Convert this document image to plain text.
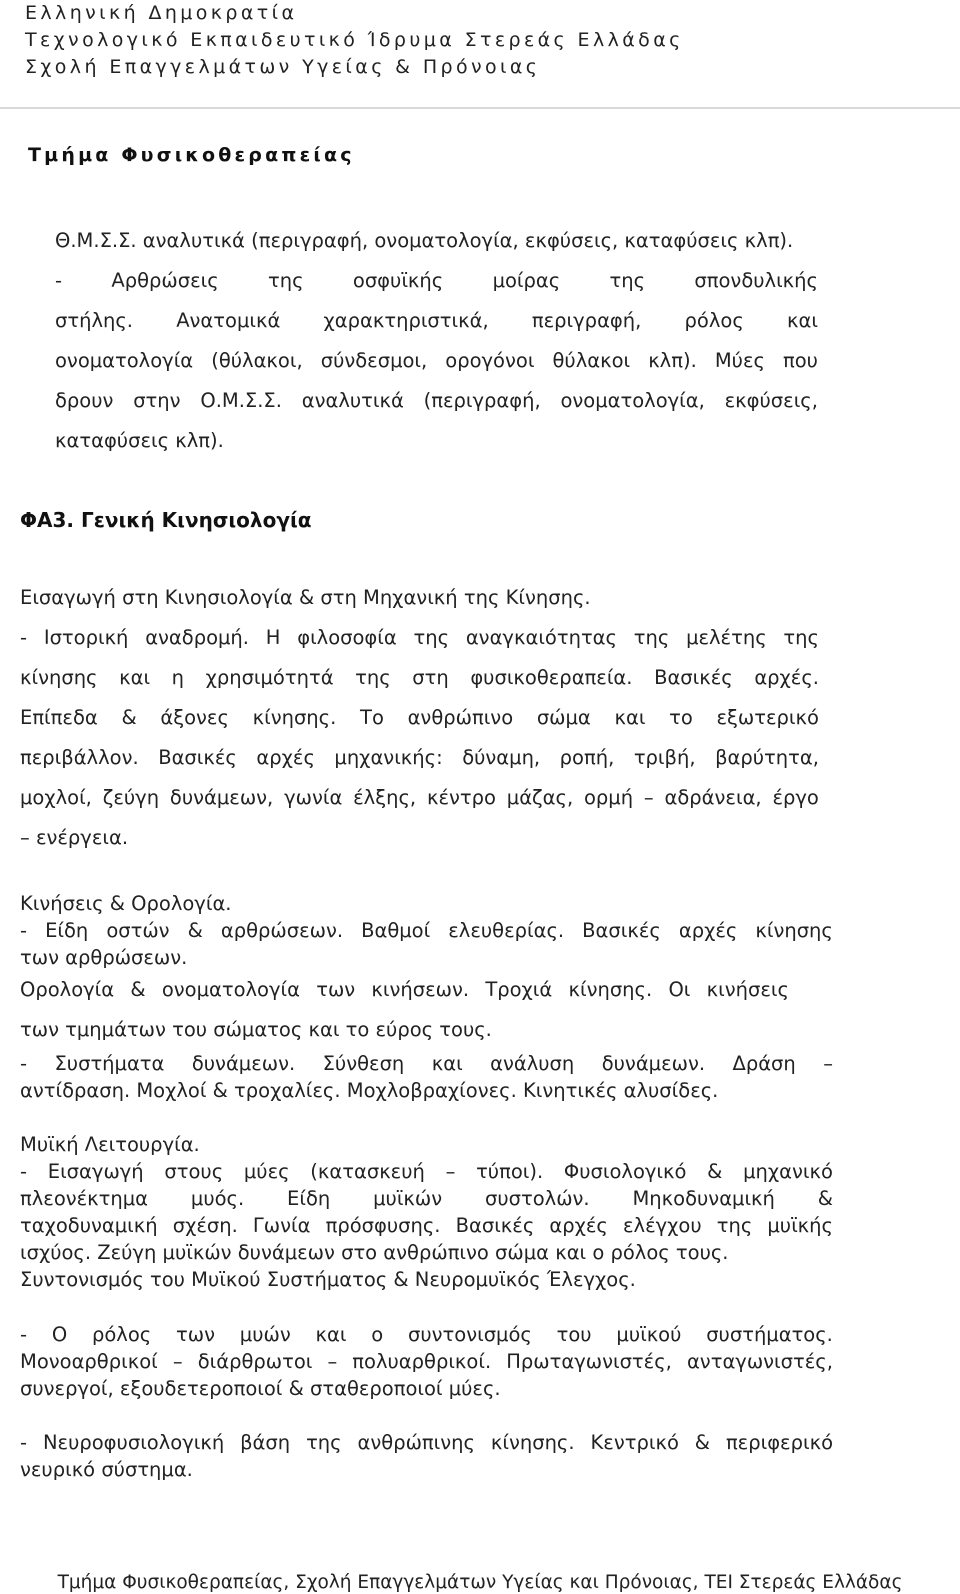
Ελληνική Δημοκρατία
Τεχνολογικό Εκπαιδευτικό Ίδρυμα Στερεάς Ελλάδας
Σχολή Επαγγελμάτων Υγείας & Πρόνοιας
Τμήμα Φυσικοθεραπείας
Θ.Μ.Σ.Σ. αναλυτικά (περιγραφή, ονοματολογία, εκφύσεις, καταφύσεις κλπ).
-	Αρθρώσεις	της	οσφυϊκής	μοίρας	της	σπονδυλικής
στήλης. Ανατομικά χαρακτηριστικά, περιγραφή, ρόλος και
ονοματολογία (θύλακοι, σύνδεσμοι, ορογόνοι θύλακοι κλπ). Μύες που
δρουν στην Ο.Μ.Σ.Σ. αναλυτικά (περιγραφή, ονοματολογία, εκφύσεις,
καταφύσεις κλπ).
ΦΑ3. Γενική Κινησιολογία
Εισαγωγή στη Κινησιολογία & στη Μηχανική της Κίνησης.
- Ιστορική αναδρομή. Η φιλοσοφία της αναγκαιότητας της μελέτης της
κίνησης και η χρησιμότητά της στη φυσικοθεραπεία. Βασικές αρχές.
Επίπεδα & άξονες κίνησης. Το ανθρώπινο σώμα και το εξωτερικό
περιβάλλον. Βασικές αρχές μηχανικής: δύναμη, ροπή, τριβή, βαρύτητα,
μοχλοί, ζεύγη δυνάμεων, γωνία έλξης, κέντρο μάζας, ορμή – αδράνεια, έργο
– ενέργεια.
Κινήσεις & Ορολογία.
- Είδη οστών & αρθρώσεων. Βαθμοί ελευθερίας. Βασικές αρχές κίνησης
των αρθρώσεων.
Ορολογία & ονοματολογία των κινήσεων. Τροχιά κίνησης. Οι κινήσεις
των τμημάτων του σώματος και το εύρος τους.
- Συστήματα δυνάμεων. Σύνθεση και ανάλυση δυνάμεων. Δράση –
αντίδραση. Μοχλοί & τροχαλίες. Μοχλοβραχίονες. Κινητικές αλυσίδες.
Μυϊκή Λειτουργία.
- Εισαγωγή στους μύες (κατασκευή – τύποι). Φυσιολογικό & μηχανικό
πλεονέκτημα μυός. Είδη μυϊκών συστολών. Μηκοδυναμική &
ταχοδυναμική σχέση. Γωνία πρόσφυσης. Βασικές αρχές ελέγχου της μυϊκής
ισχύος. Ζεύγη μυϊκών δυνάμεων στο ανθρώπινο σώμα και ο ρόλος τους.
Συντονισμός του Μυϊκού Συστήματος & Νευρομυϊκός Έλεγχος.
- Ο ρόλος των μυών και ο συντονισμός του μυϊκού συστήματος.
Μονοαρθρικοί – διάρθρωτοι – πολυαρθρικοί. Πρωταγωνιστές, ανταγωνιστές,
συνεργοί, εξουδετεροποιοί & σταθεροποιοί μύες.
- Νευροφυσιολογική βάση της ανθρώπινης κίνησης. Κεντρικό & περιφερικό
νευρικό σύστημα.
Τμήμα Φυσικοθεραπείας, Σχολή Επαγγελμάτων Υγείας και Πρόνοιας, ΤΕΙ Στερεάς Ελλάδας
